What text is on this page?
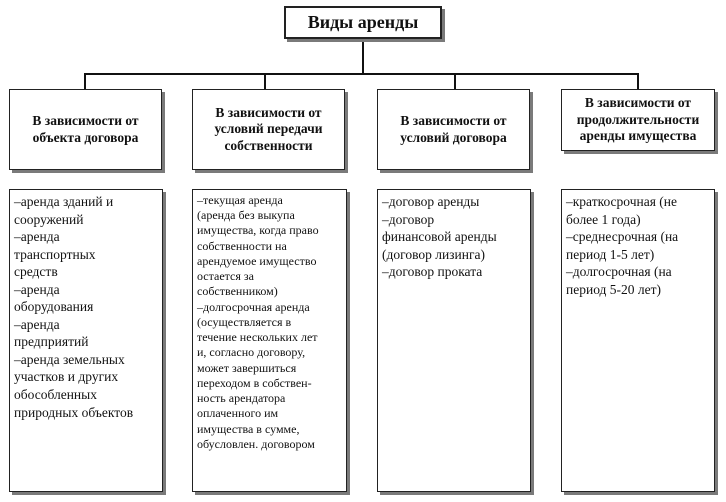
Виды аренды
В зависимости от
объекта договора
В зависимости от
условий передачи
собственности
В зависимости от
условий договора
В зависимости от
продолжительности
аренды имущества
–аренда зданий и
сооружений
–аренда
транспортных
средств
–аренда
оборудования
–аренда
предприятий
–аренда земельных
участков и других
обособленных
природных объектов
–текущая аренда
(аренда без выкупа
имущества, когда право
собственности на
арендуемое имущество
остается за
собственником)
–долгосрочная аренда
(осуществляется в
течение нескольких лет
и, согласно договору,
может завершиться
переходом в собствен-
ность арендатора
оплаченного им
имущества в сумме,
обусловлен. договором
–договор аренды
–договор
финансовой аренды
(договор лизинга)
–договор проката
–краткосрочная (не
более 1 года)
–среднесрочная (на
период 1-5 лет)
–долгосрочная (на
период 5-20 лет)
